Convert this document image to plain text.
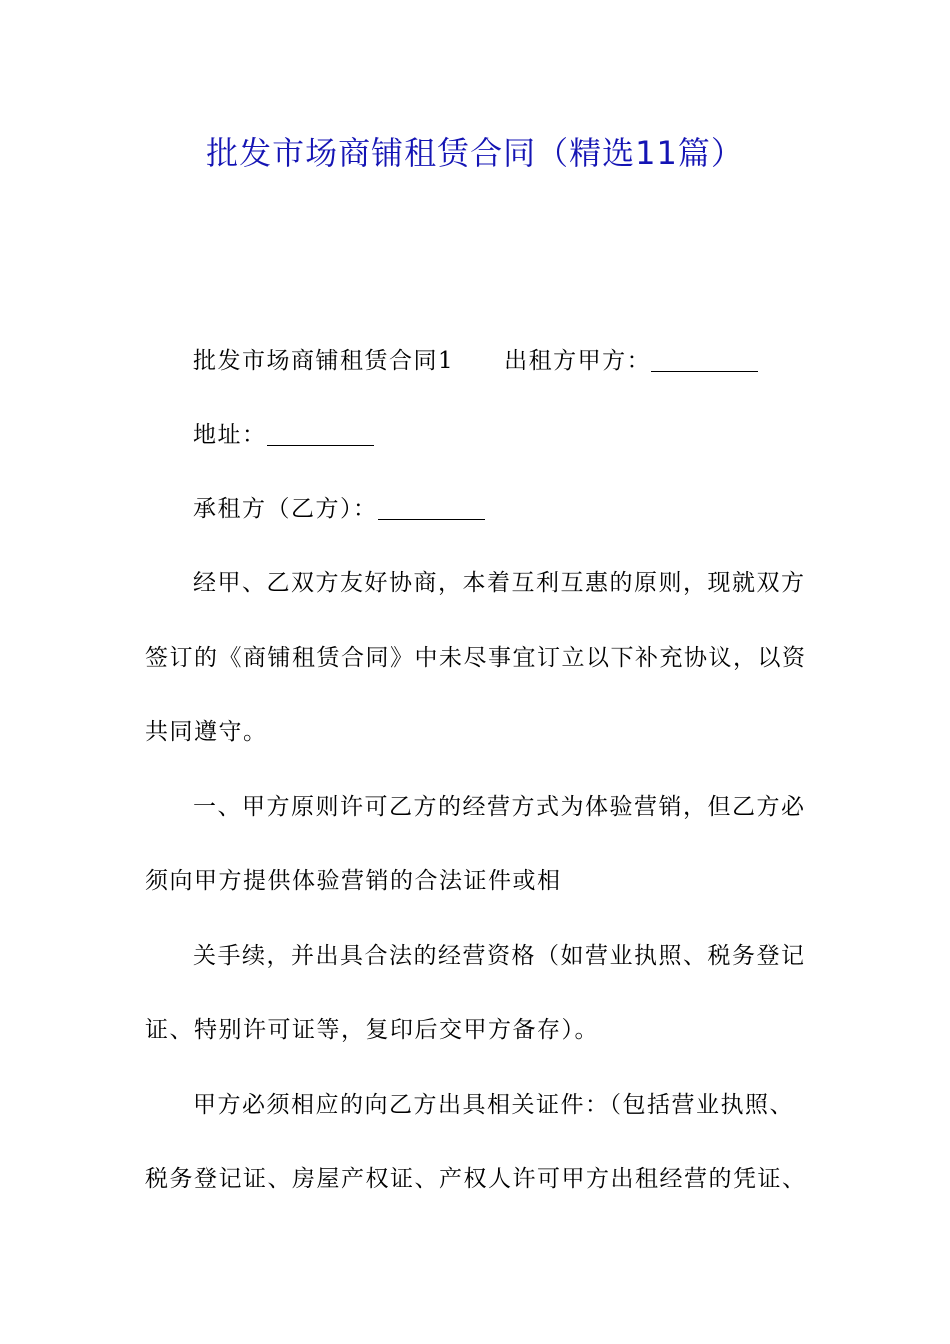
批发市场商铺租赁合同（精选11篇）
批发市场商铺租赁合同1 出租方甲方：
地址：
承租方（乙方）：
经甲、乙双方友好协商，本着互利互惠的原则，现就双方
签订的《商铺租赁合同》中未尽事宜订立以下补充协议，以资
共同遵守。
一、甲方原则许可乙方的经营方式为体验营销，但乙方必
须向甲方提供体验营销的合法证件或相
关手续，并出具合法的经营资格（如营业执照、税务登记
证、特别许可证等，复印后交甲方备存）。
甲方必须相应的向乙方出具相关证件：（包括营业执照、
税务登记证、房屋产权证、产权人许可甲方出租经营的凭证、
